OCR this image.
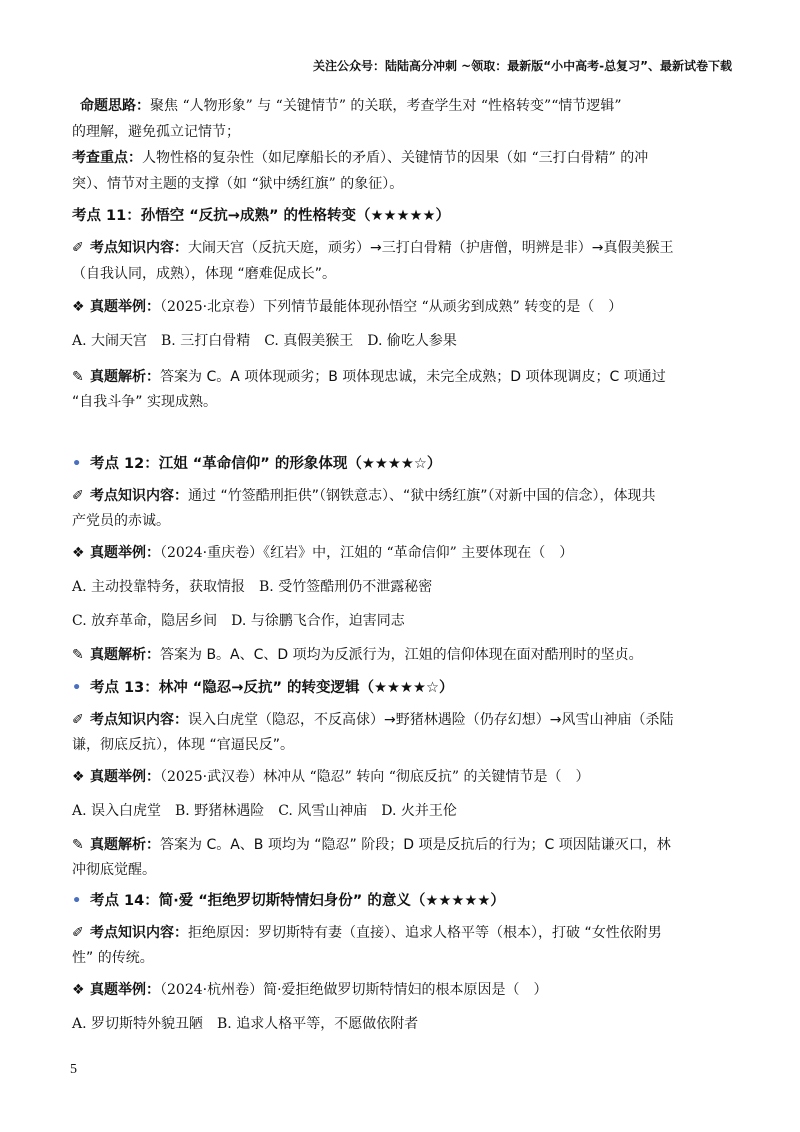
关注公众号：陆陆高分冲刺 ~领取：最新版“小中高考-总复习”、最新试卷下载
命题思路：聚焦 “人物形象” 与 “关键情节” 的关联，考查学生对 “性格转变”“情节逻辑”
的理解，避免孤立记情节；
考查重点：人物性格的复杂性（如尼摩船长的矛盾）、关键情节的因果（如 “三打白骨精” 的冲
突）、情节对主题的支撑（如 “狱中绣红旗” 的象征）。
考点 11：孙悟空 “反抗→成熟” 的性格转变（★★★★★）
✐ 考点知识内容：大闹天宫（反抗天庭，顽劣）→三打白骨精（护唐僧，明辨是非）→真假美猴王
（自我认同，成熟），体现 “磨难促成长”。
❖ 真题举例：（2025·北京卷）下列情节最能体现孙悟空 “从顽劣到成熟” 转变的是（　）
A. 大闹天宫　B. 三打白骨精　C. 真假美猴王　D. 偷吃人参果
✎ 真题解析：答案为 C。A 项体现顽劣；B 项体现忠诚，未完全成熟；D 项体现调皮；C 项通过
“自我斗争” 实现成熟。
• 考点 12：江姐 “革命信仰” 的形象体现（★★★★☆）
✐ 考点知识内容：通过 “竹签酷刑拒供”（钢铁意志）、“狱中绣红旗”（对新中国的信念），体现共
产党员的赤诚。
❖ 真题举例：（2024·重庆卷）《红岩》中，江姐的 “革命信仰” 主要体现在（　）
A. 主动投靠特务，获取情报　B. 受竹签酷刑仍不泄露秘密
C. 放弃革命，隐居乡间　D. 与徐鹏飞合作，迫害同志
✎ 真题解析：答案为 B。A、C、D 项均为反派行为，江姐的信仰体现在面对酷刑时的坚贞。
• 考点 13：林冲 “隐忍→反抗” 的转变逻辑（★★★★☆）
✐ 考点知识内容：误入白虎堂（隐忍，不反高俅）→野猪林遇险（仍存幻想）→风雪山神庙（杀陆
谦，彻底反抗），体现 “官逼民反”。
❖ 真题举例：（2025·武汉卷）林冲从 “隐忍” 转向 “彻底反抗” 的关键情节是（　）
A. 误入白虎堂　B. 野猪林遇险　C. 风雪山神庙　D. 火并王伦
✎ 真题解析：答案为 C。A、B 项均为 “隐忍” 阶段；D 项是反抗后的行为；C 项因陆谦灭口，林
冲彻底觉醒。
• 考点 14：简·爱 “拒绝罗切斯特情妇身份” 的意义（★★★★★）
✐ 考点知识内容：拒绝原因：罗切斯特有妻（直接）、追求人格平等（根本），打破 “女性依附男
性” 的传统。
❖ 真题举例：（2024·杭州卷）简·爱拒绝做罗切斯特情妇的根本原因是（　）
A. 罗切斯特外貌丑陋　B. 追求人格平等，不愿做依附者
5
